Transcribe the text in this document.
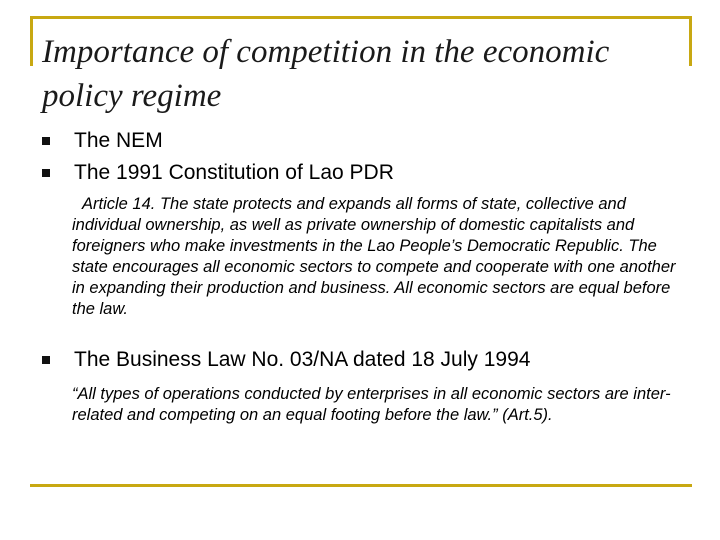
Importance of competition in the economic policy regime
The NEM
The 1991 Constitution of Lao PDR

Article 14. The state protects and expands all forms of state, collective and individual ownership, as well as private ownership of domestic capitalists and foreigners who make investments in the Lao People’s Democratic Republic. The state encourages all economic sectors to compete and cooperate with one another in expanding their production and business. All economic sectors are equal before the law.

The Business Law No. 03/NA dated 18 July 1994

“All types of operations conducted by enterprises in all economic sectors are inter-related and competing on an equal footing before the law.” (Art.5).
